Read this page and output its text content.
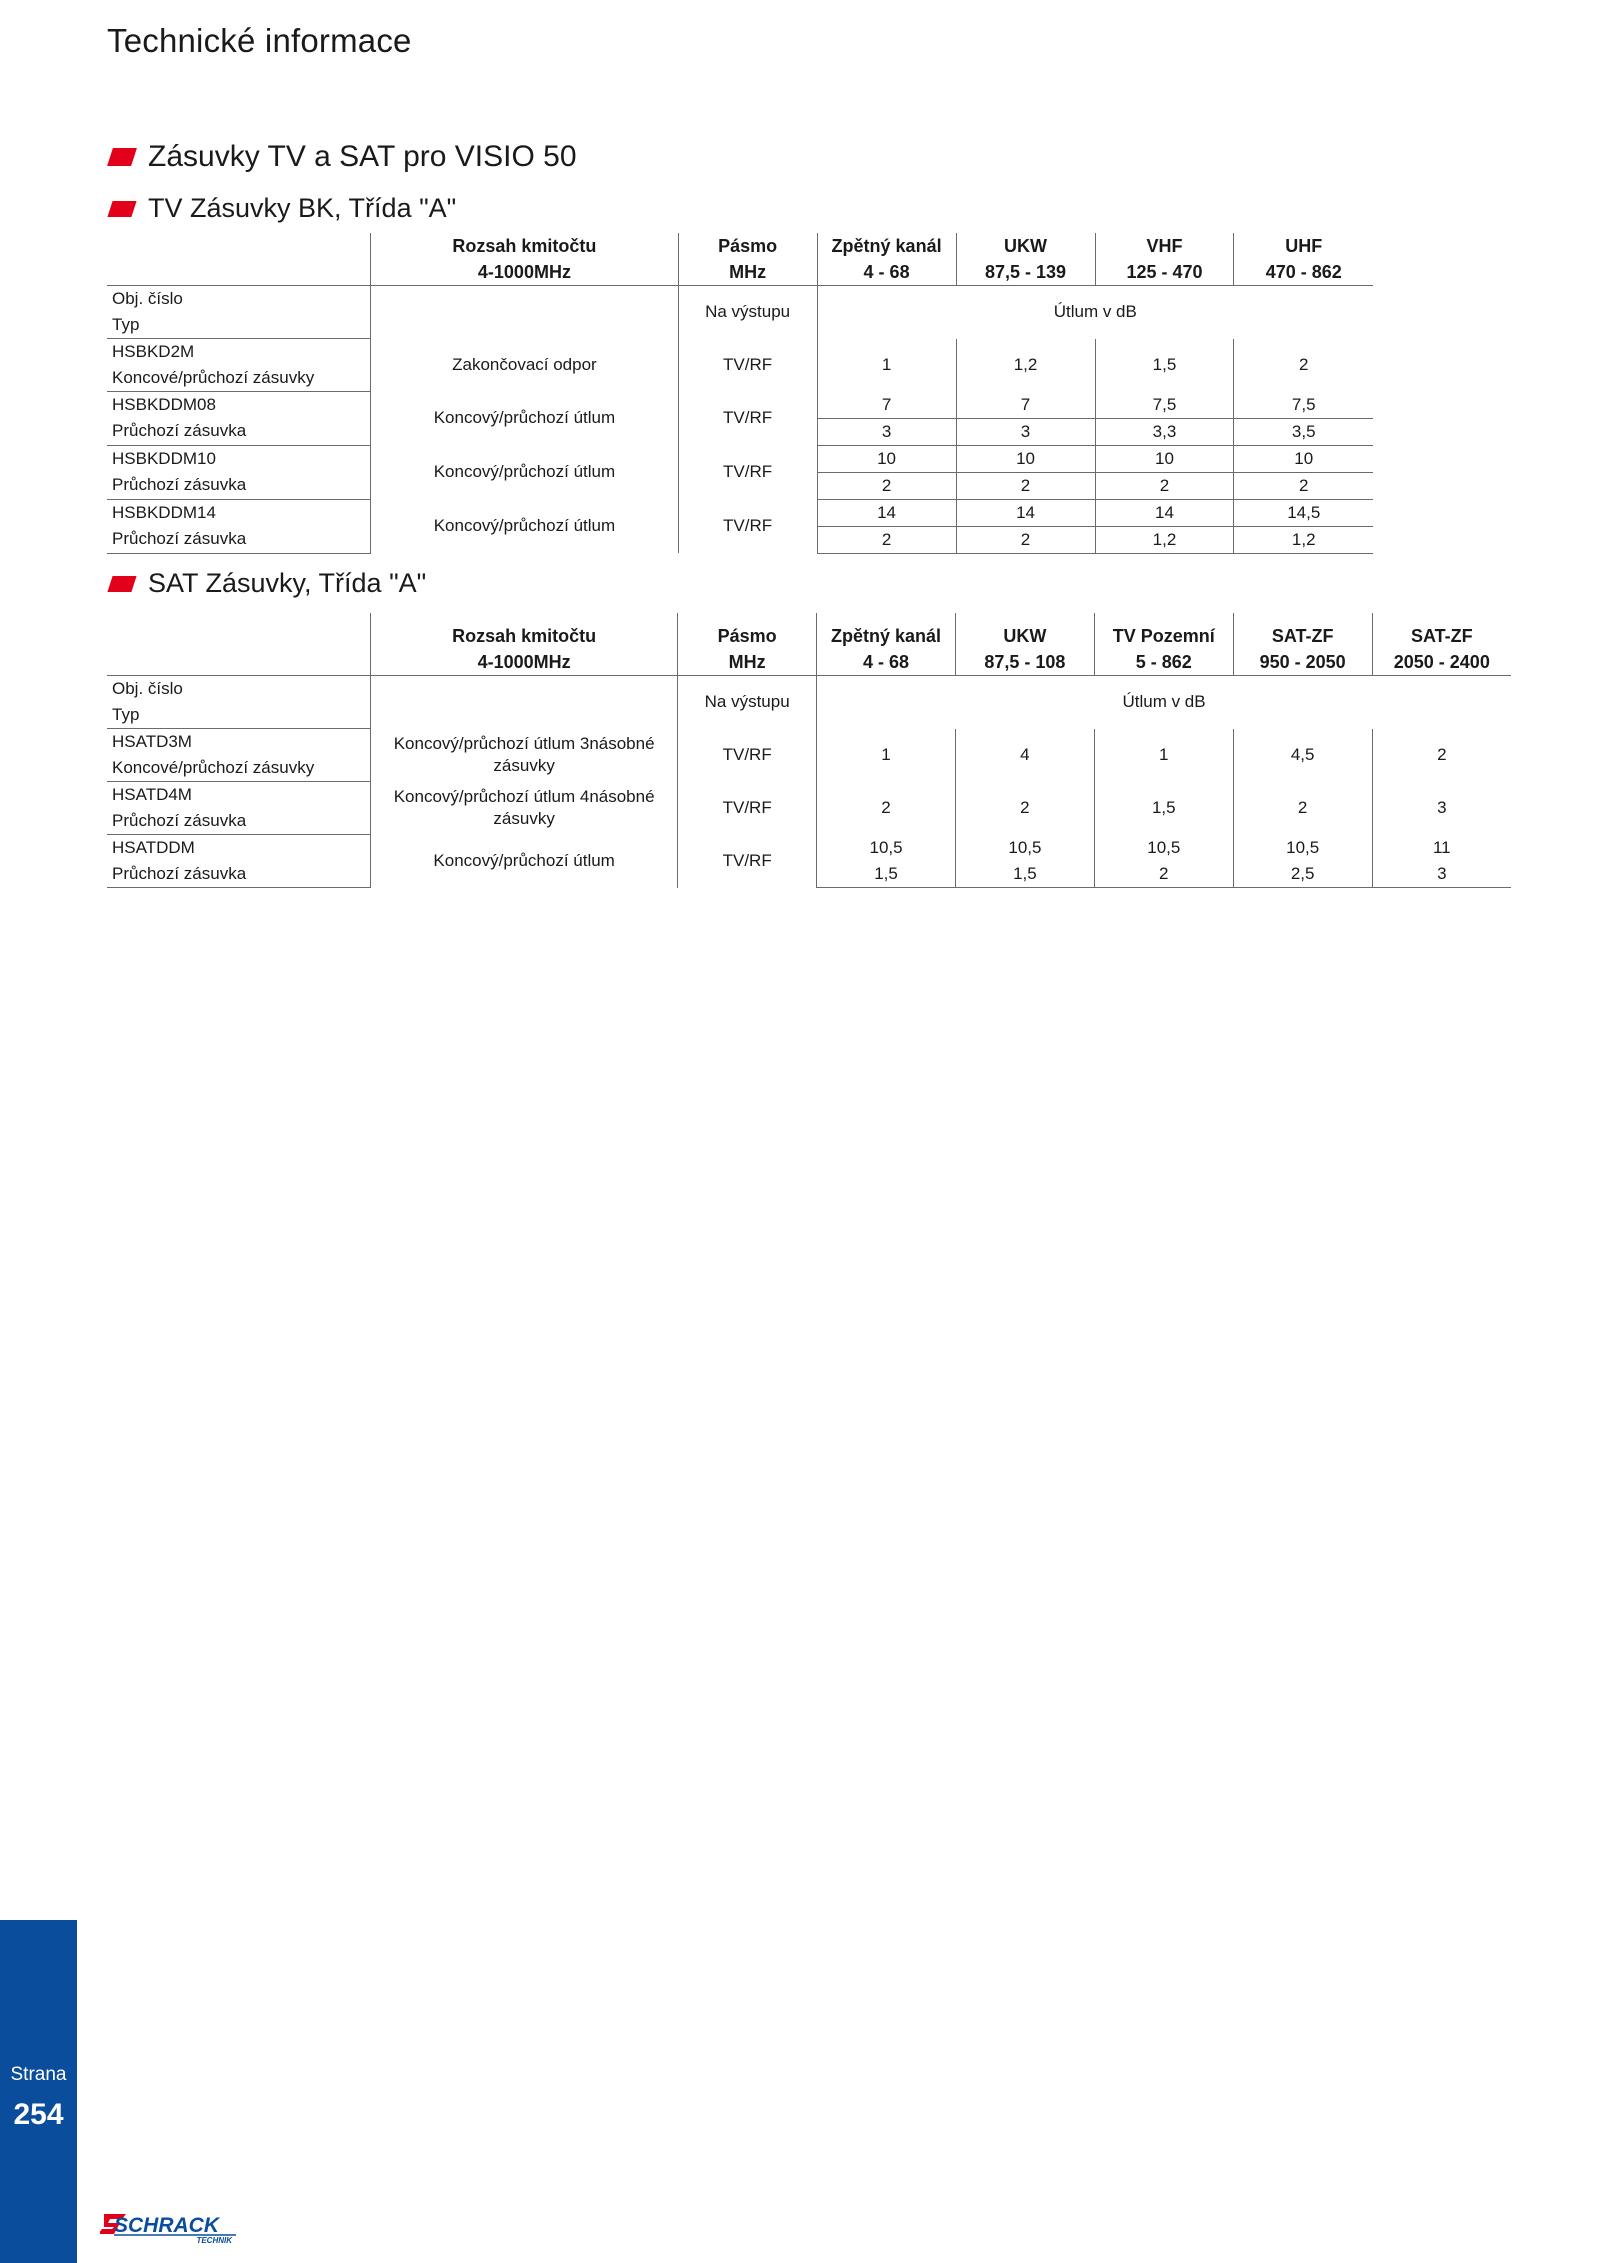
Technické informace
Zásuvky TV a SAT pro VISIO 50
TV Zásuvky BK, Třída "A"
	Rozsah kmitočtu	Pásmo	Zpětný kanál	UKW	VHF	UHF
	4-1000MHz	MHz	4 - 68	87,5 - 139	125 - 470	470 - 862
Obj. číslo		Na výstupu	Útlum v dB			
Typ						
HSBKD2M	Zakončovací odpor	TV/RF	1	1,2	1,5	2
Koncové/průchozí zásuvky						
HSBKDDM08	Koncový/průchozí útlum	TV/RF	7	7	7,5	7,5
Průchozí zásuvka			3	3	3,3	3,5
HSBKDDM10	Koncový/průchozí útlum	TV/RF	10	10	10	10
Průchozí zásuvka			2	2	2	2
HSBKDDM14	Koncový/průchozí útlum	TV/RF	14	14	14	14,5
Průchozí zásuvka			2	2	1,2	1,2
SAT Zásuvky, Třída "A"

	Rozsah kmitočtu	Pásmo	Zpětný kanál	UKW	TV Pozemní	SAT-ZF	SAT-ZF
	4-1000MHz	MHz	4 - 68	87,5 - 108	5 - 862	950 - 2050	2050 - 2400
Obj. číslo		Na výstupu	Útlum v dB				
Typ							
HSATD3M	Koncový/průchozí útlum 3násobné zásuvky	TV/RF	1	4	1	4,5	2
Koncové/průchozí zásuvky							
HSATD4M	Koncový/průchozí útlum 4násobné zásuvky	TV/RF	2	2	1,5	2	3
Průchozí zásuvka							
HSATDDM	Koncový/průchozí útlum	TV/RF	10,5	10,5	10,5	10,5	11
Průchozí zásuvka			1,5	1,5	2	2,5	3
Strana
254
SCHRACK
TECHNIK
